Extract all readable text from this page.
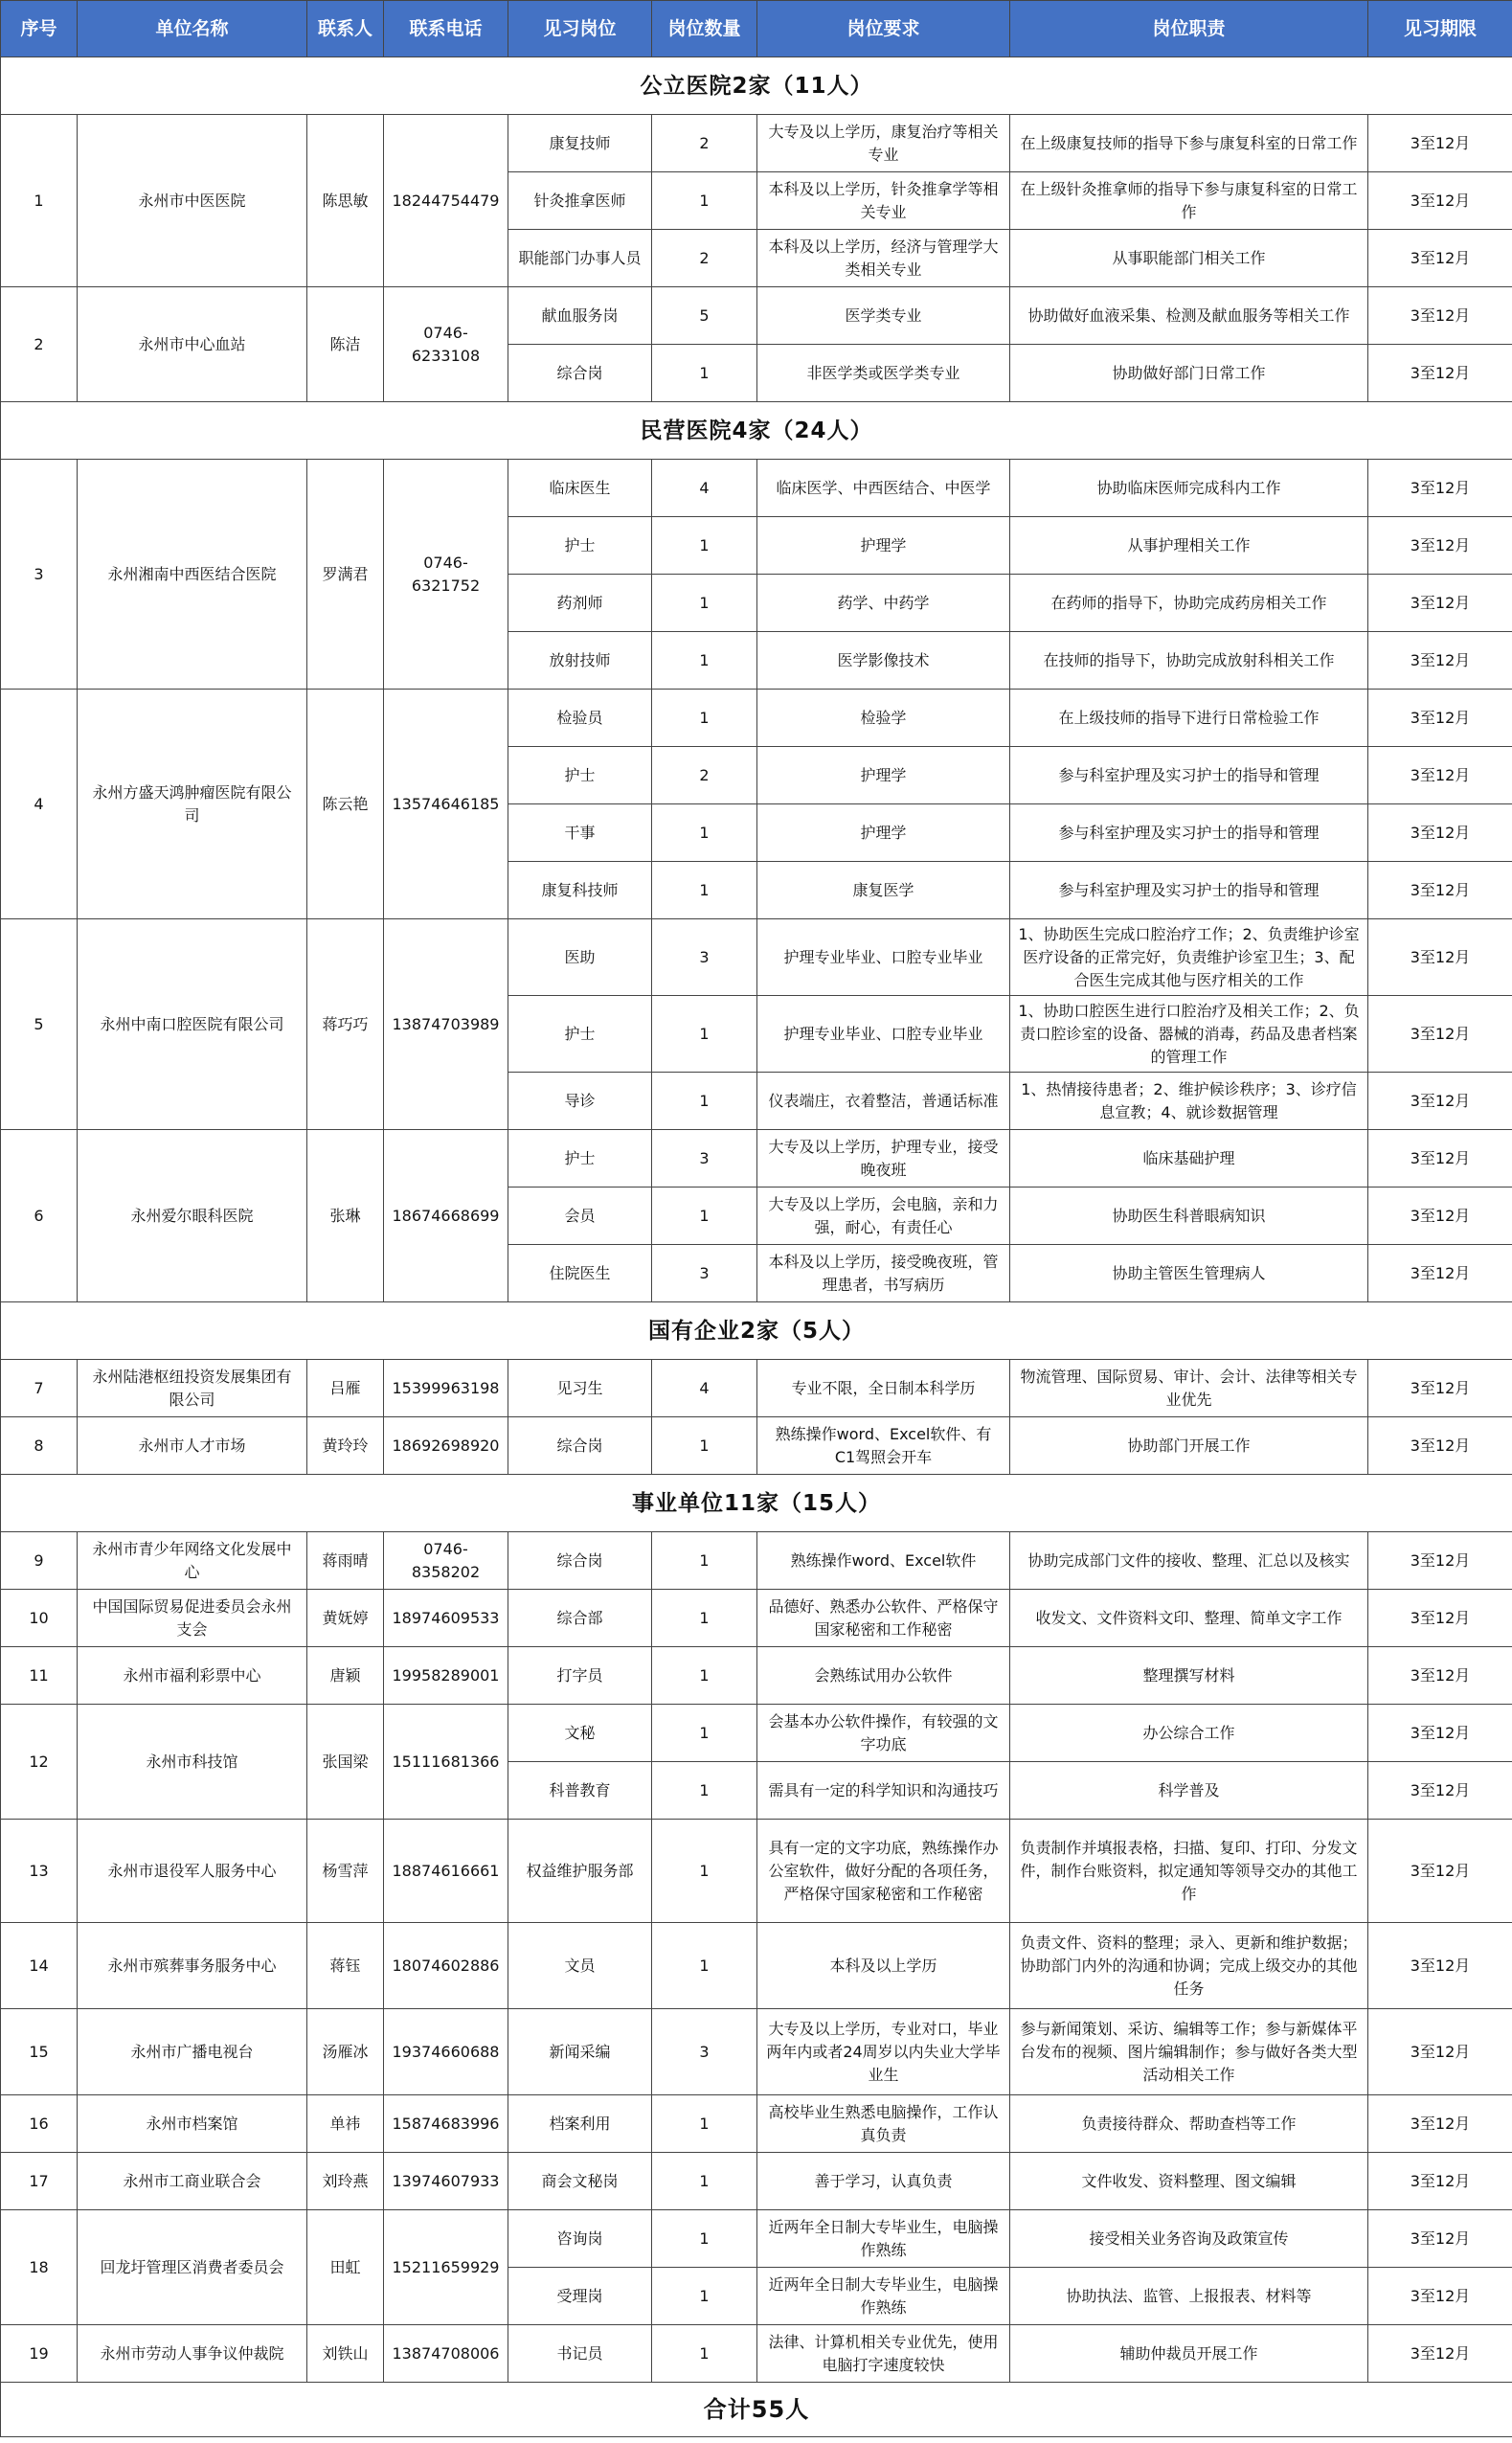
序号	单位名称	联系人	联系电话	见习岗位	岗位数量	岗位要求	岗位职责	见习期限
公立医院2家（11人）								
1	永州市中医医院	陈思敏	18244754479	康复技师	2	大专及以上学历，康复治疗等相关专业	在上级康复技师的指导下参与康复科室的日常工作	3至12月
				针灸推拿医师	1	本科及以上学历，针灸推拿学等相关专业	在上级针灸推拿师的指导下参与康复科室的日常工作	3至12月
				职能部门办事人员	2	本科及以上学历，经济与管理学大类相关专业	从事职能部门相关工作	3至12月
2	永州市中心血站	陈洁	0746-6233108	献血服务岗	5	医学类专业	协助做好血液采集、检测及献血服务等相关工作	3至12月
				综合岗	1	非医学类或医学类专业	协助做好部门日常工作	3至12月
民营医院4家（24人）								
3	永州湘南中西医结合医院	罗满君	0746-6321752	临床医生	4	临床医学、中西医结合、中医学	协助临床医师完成科内工作	3至12月
				护士	1	护理学	从事护理相关工作	3至12月
				药剂师	1	药学、中药学	在药师的指导下，协助完成药房相关工作	3至12月
				放射技师	1	医学影像技术	在技师的指导下，协助完成放射科相关工作	3至12月
4	永州方盛天鸿肿瘤医院有限公司	陈云艳	13574646185	检验员	1	检验学	在上级技师的指导下进行日常检验工作	3至12月
				护士	2	护理学	参与科室护理及实习护士的指导和管理	3至12月
				干事	1	护理学	参与科室护理及实习护士的指导和管理	3至12月
				康复科技师	1	康复医学	参与科室护理及实习护士的指导和管理	3至12月
5	永州中南口腔医院有限公司	蒋巧巧	13874703989	医助	3	护理专业毕业、口腔专业毕业	1、协助医生完成口腔治疗工作；2、负责维护诊室医疗设备的正常完好，负责维护诊室卫生；3、配合医生完成其他与医疗相关的工作	3至12月
				护士	1	护理专业毕业、口腔专业毕业	1、协助口腔医生进行口腔治疗及相关工作；2、负责口腔诊室的设备、器械的消毒，药品及患者档案的管理工作	3至12月
				导诊	1	仪表端庄，衣着整洁，普通话标准	1、热情接待患者；2、维护候诊秩序；3、诊疗信息宣教；4、就诊数据管理	3至12月
6	永州爱尔眼科医院	张琳	18674668699	护士	3	大专及以上学历，护理专业，接受晚夜班	临床基础护理	3至12月
				会员	1	大专及以上学历，会电脑，亲和力强，耐心，有责任心	协助医生科普眼病知识	3至12月
				住院医生	3	本科及以上学历，接受晚夜班，管理患者，书写病历	协助主管医生管理病人	3至12月
国有企业2家（5人）								
7	永州陆港枢纽投资发展集团有限公司	吕雁	15399963198	见习生	4	专业不限，全日制本科学历	物流管理、国际贸易、审计、会计、法律等相关专业优先	3至12月
8	永州市人才市场	黄玲玲	18692698920	综合岗	1	熟练操作word、Excel软件、有C1驾照会开车	协助部门开展工作	3至12月
事业单位11家（15人）								
9	永州市青少年网络文化发展中心	蒋雨晴	0746-8358202	综合岗	1	熟练操作word、Excel软件	协助完成部门文件的接收、整理、汇总以及核实	3至12月
10	中国国际贸易促进委员会永州支会	黄妩婷	18974609533	综合部	1	品德好、熟悉办公软件、严格保守国家秘密和工作秘密	收发文、文件资料文印、整理、简单文字工作	3至12月
11	永州市福利彩票中心	唐颖	19958289001	打字员	1	会熟练试用办公软件	整理撰写材料	3至12月
12	永州市科技馆	张国梁	15111681366	文秘	1	会基本办公软件操作，有较强的文字功底	办公综合工作	3至12月
				科普教育	1	需具有一定的科学知识和沟通技巧	科学普及	3至12月
13	永州市退役军人服务中心	杨雪萍	18874616661	权益维护服务部	1	具有一定的文字功底，熟练操作办公室软件，做好分配的各项任务，严格保守国家秘密和工作秘密	负责制作并填报表格，扫描、复印、打印、分发文件，制作台账资料，拟定通知等领导交办的其他工作	3至12月
14	永州市殡葬事务服务中心	蒋钰	18074602886	文员	1	本科及以上学历	负责文件、资料的整理；录入、更新和维护数据；协助部门内外的沟通和协调；完成上级交办的其他任务	3至12月
15	永州市广播电视台	汤雁冰	19374660688	新闻采编	3	大专及以上学历，专业对口，毕业两年内或者24周岁以内失业大学毕业生	参与新闻策划、采访、编辑等工作；参与新媒体平台发布的视频、图片编辑制作；参与做好各类大型活动相关工作	3至12月
16	永州市档案馆	单祎	15874683996	档案利用	1	高校毕业生熟悉电脑操作，工作认真负责	负责接待群众、帮助查档等工作	3至12月
17	永州市工商业联合会	刘玲燕	13974607933	商会文秘岗	1	善于学习，认真负责	文件收发、资料整理、图文编辑	3至12月
18	回龙圩管理区消费者委员会	田虹	15211659929	咨询岗	1	近两年全日制大专毕业生，电脑操作熟练	接受相关业务咨询及政策宣传	3至12月
				受理岗	1	近两年全日制大专毕业生，电脑操作熟练	协助执法、监管、上报报表、材料等	3至12月
19	永州市劳动人事争议仲裁院	刘铁山	13874708006	书记员	1	法律、计算机相关专业优先，使用电脑打字速度较快	辅助仲裁员开展工作	3至12月
合计55人								
